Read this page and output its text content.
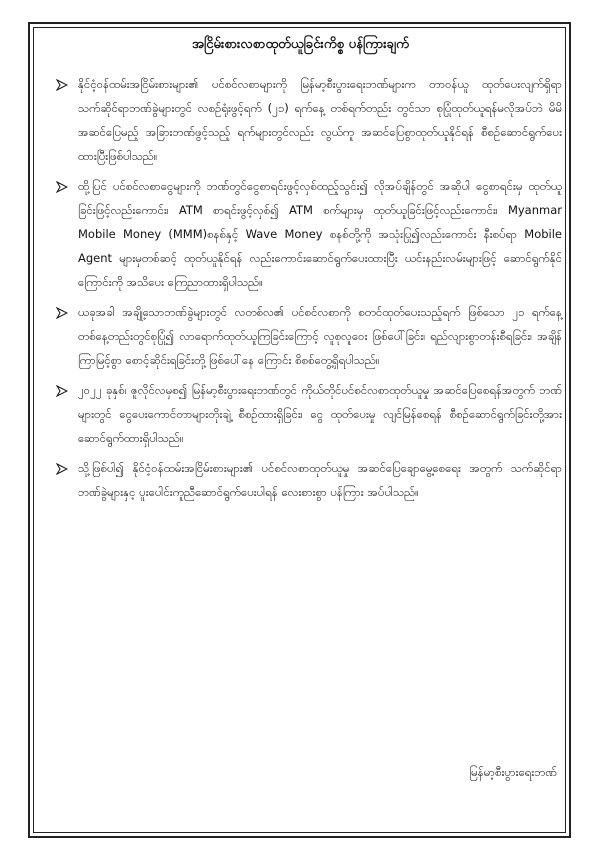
အငြိမ်းစားလစာထုတ်ယူခြင်းကိစ္စ ပန်ကြားချက်
နိုင်ငံ့ဝန်ထမ်းအငြိမ်းစားများ၏ ပင်စင်လစာများကို မြန်မာ့စီးပွားရေးဘဏ်များက တာဝန်ယူ ထုတ်ပေးလျက်ရှိရာ သက်ဆိုင်ရာဘဏ်ခွဲများတွင် လစဉ်ရုံးဖွင့်ရက် (၂၁) ရက်နေ့ တစ်ရက်တည်း တွင်သာ စုပြုံထုတ်ယူရန်မလိုအပ်ဘဲ မိမိအဆင်ပြေမည့် အခြားဘဏ်ဖွင့်သည့် ရက်များတွင်လည်း လွယ်ကူ အဆင်ပြေစွာထုတ်ယူနိုင်ရန် စီစဉ်ဆောင်ရွက်ပေးထားပြီးဖြစ်ပါသည်။
ထို့ပြင် ပင်စင်လစာငွေများကို ဘဏ်တွင်ငွေစာရင်းဖွင့်လှစ်ထည့်သွင်း၍ လိုအပ်ချိန်တွင် အဆိုပါ ငွေစာရင်းမှ ထုတ်ယူခြင်းဖြင့်လည်းကောင်း၊ ATM စာရင်းဖွင့်လှစ်၍ ATM စက်များမှ ထုတ်ယူခြင်းဖြင့်လည်းကောင်း၊ Myanmar Mobile Money (MMM)စနစ်နှင့် Wave Money စနစ်တို့ကို အသုံးပြု၍လည်းကောင်း နီးစပ်ရာ Mobile Agent များမှတစ်ဆင့် ထုတ်ယူနိုင်ရန် လည်းကောင်းဆောင်ရွက်ပေးထားပြီး ယင်းနည်းလမ်းများဖြင့် ဆောင်ရွက်နိုင်ကြောင်းကို အသိပေး ကြေညာထားရှိပါသည်။
ယခုအခါ အချို့သောဘဏ်ခွဲများတွင် လတစ်လ၏ ပင်စင်လစာကို စတင်ထုတ်ပေးသည့်ရက် ဖြစ်သော ၂၁ ရက်နေ့ တစ်နေ့တည်းတွင်စုပြုံ၍ လာရောက်ထုတ်ယူကြခြင်းကြောင့် လူစုလူဝေး ဖြစ်ပေါ်ခြင်း၊ ရည်လျားစွာတန်းစီရခြင်း၊ အချိန်ကြာမြင့်စွာ စောင့်ဆိုင်းရခြင်းတို့ ဖြစ်ပေါ်နေ ကြောင်း စိစစ်တွေ့ရှိရပါသည်။
၂၀၂၂ ခုနှစ်၊ ဇူလိုင်လမှစ၍ မြန်မာ့စီးပွားရေးဘဏ်တွင် ကိုယ်တိုင်ပင်စင်လစာထုတ်ယူမှု အဆင်ပြေစေရန်အတွက် ဘဏ်များတွင် ငွေပေးကောင်တာများတိုးချဲ့ စီစဉ်ထားရှိခြင်း၊ ငွေ ထုတ်ပေးမှု လျင်မြန်စေရန် စီစဉ်ဆောင်ရွက်ခြင်းတို့အား ဆောင်ရွက်ထားရှိပါသည်။
သို့ဖြစ်ပါ၍ နိုင်ငံ့ဝန်ထမ်းအငြိမ်းစားများ၏ ပင်စင်လစာထုတ်ယူမှု အဆင်ပြေချောမွေ့စေရေး အတွက် သက်ဆိုင်ရာ ဘဏ်ခွဲများနှင့ ပူးပေါင်းကူညီဆောင်ရွက်ပေးပါရန် လေးစားစွာ ပန်ကြား အပ်ပါသည်။
မြန်မာ့စီးပွားရေးဘဏ်
